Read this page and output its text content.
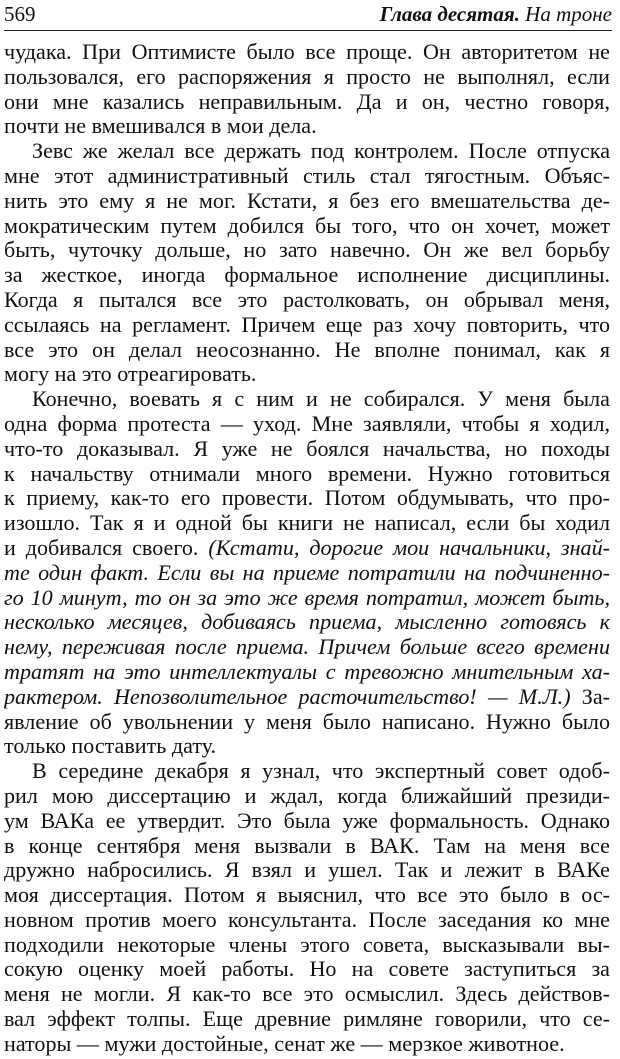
569	Глава десятая. На троне
чудака. При Оптимисте было все проще. Он авторитетом не
пользовался, его распоряжения я просто не выполнял, если
они мне казались неправильным. Да и он, честно говоря,
почти не вмешивался в мои дела.
Зевс же желал все держать под контролем. После отпуска
мне этот административный стиль стал тягостным. Объяс-
нить это ему я не мог. Кстати, я без его вмешательства де-
мократическим путем добился бы того, что он хочет, может
быть, чуточку дольше, но зато навечно. Он же вел борьбу
за жесткое, иногда формальное исполнение дисциплины.
Когда я пытался все это растолковать, он обрывал меня,
ссылаясь на регламент. Причем еще раз хочу повторить, что
все это он делал неосознанно. Не вполне понимал, как я
могу на это отреагировать.
Конечно, воевать я с ним и не собирался. У меня была
одна форма протеста — уход. Мне заявляли, чтобы я ходил,
что-то доказывал. Я уже не боялся начальства, но походы
к начальству отнимали много времени. Нужно готовиться
к приему, как-то его провести. Потом обдумывать, что про-
изошло. Так я и одной бы книги не написал, если бы ходил
и добивался своего. (Кстати, дорогие мои начальники, знай-
те один факт. Если вы на приеме потратили на подчиненно-
го 10 минут, то он за это же время потратил, может быть,
несколько месяцев, добиваясь приема, мысленно готовясь к
нему, переживая после приема. Причем больше всего времени
тратят на это интеллектуалы с тревожно мнительным ха-
рактером. Непозволительное расточительство! — М.Л.) За-
явление об увольнении у меня было написано. Нужно было
только поставить дату.
В середине декабря я узнал, что экспертный совет одоб-
рил мою диссертацию и ждал, когда ближайший президи-
ум ВАКа ее утвердит. Это была уже формальность. Однако
в конце сентября меня вызвали в ВАК. Там на меня все
дружно набросились. Я взял и ушел. Так и лежит в ВАКе
моя диссертация. Потом я выяснил, что все это было в ос-
новном против моего консультанта. После заседания ко мне
подходили некоторые члены этого совета, высказывали вы-
сокую оценку моей работы. Но на совете заступиться за
меня не могли. Я как-то все это осмыслил. Здесь действов-
вал эффект толпы. Еще древние римляне говорили, что се-
наторы — мужи достойные, сенат же — мерзкое животное.
